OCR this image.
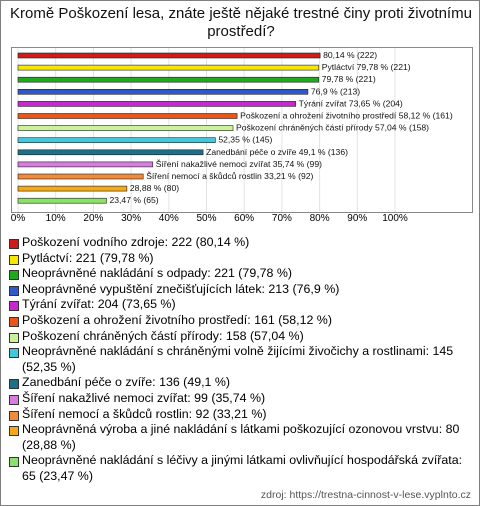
Kromě Poškození lesa, znáte ještě nějaké trestné činy proti životnímu prostředí?
80,14 % (222)
Pytláctví 79,78 % (221)
79,78 % (221)
76,9 % (213)
Týrání zvířat 73,65 % (204)
Poškození a ohrožení životního prostředí 58,12 % (161)
Poškození chráněných částí přírody 57,04 % (158)
52,35 % (145)
Zanedbání péče o zvíře 49,1 % (136)
Šíření nakažlivé nemoci zvířat 35,74 % (99)
Šíření nemocí a škůdců rostlin 33,21 % (92)
28,88 % (80)
23,47 % (65)
0% 10% 20% 30% 40% 50% 60% 70% 80% 90% 100%
Poškození vodního zdroje: 222 (80,14 %)
Pytláctví: 221 (79,78 %)
Neoprávněné nakládání s odpady: 221 (79,78 %)
Neoprávněné vypuštění znečišťujících látek: 213 (76,9 %)
Týrání zvířat: 204 (73,65 %)
Poškození a ohrožení životního prostředí: 161 (58,12 %)
Poškození chráněných částí přírody: 158 (57,04 %)
Neoprávněné nakládání s chráněnými volně žijícími živočichy a rostlinami: 145 (52,35 %)
Zanedbání péče o zvíře: 136 (49,1 %)
Šíření nakažlivé nemoci zvířat: 99 (35,74 %)
Šíření nemocí a škůdců rostlin: 92 (33,21 %)
Neoprávněná výroba a jiné nakládání s látkami poškozující ozonovou vrstvu: 80 (28,88 %)
Neoprávněné nakládání s léčivy a jinými látkami ovlivňující hospodářská zvířata: 65 (23,47 %)
zdroj: https://trestna-cinnost-v-lese.vyplnto.cz
